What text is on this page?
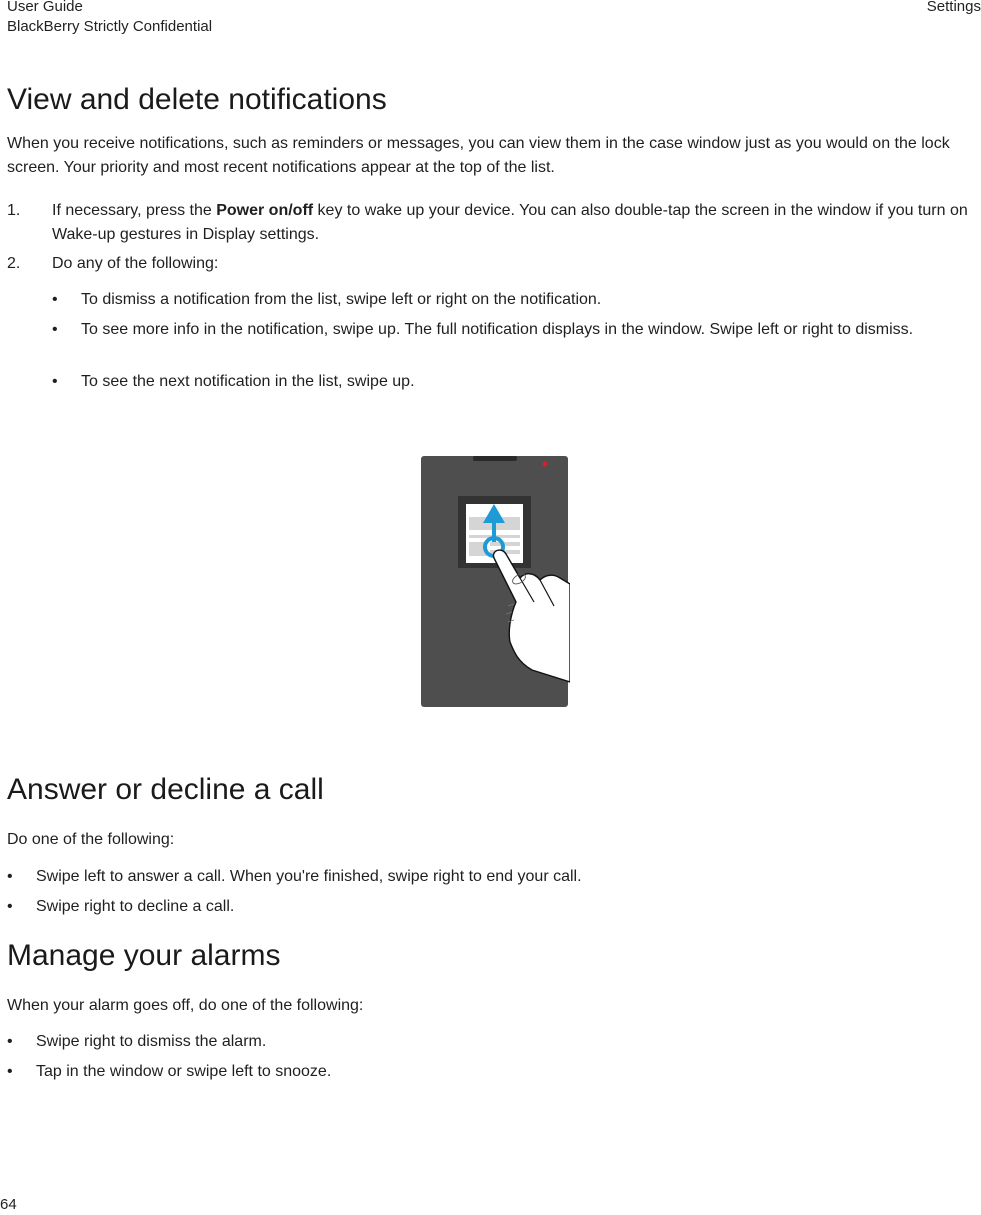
User Guide
BlackBerry Strictly Confidential
Settings
View and delete notifications

When you receive notifications, such as reminders or messages, you can view them in the case window just as you would on the lock screen. Your priority and most recent notifications appear at the top of the list.

1. If necessary, press the Power on/off key to wake up your device. You can also double-tap the screen in the window if you turn on Wake-up gestures in Display settings.
2. Do any of the following:
• To dismiss a notification from the list, swipe left or right on the notification.
• To see more info in the notification, swipe up. The full notification displays in the window. Swipe left or right to dismiss.
• To see the next notification in the list, swipe up.
Answer or decline a call

Do one of the following:

• Swipe left to answer a call. When you're finished, swipe right to end your call.
• Swipe right to decline a call.
Manage your alarms

When your alarm goes off, do one of the following:

• Swipe right to dismiss the alarm.
• Tap in the window or swipe left to snooze.
64
